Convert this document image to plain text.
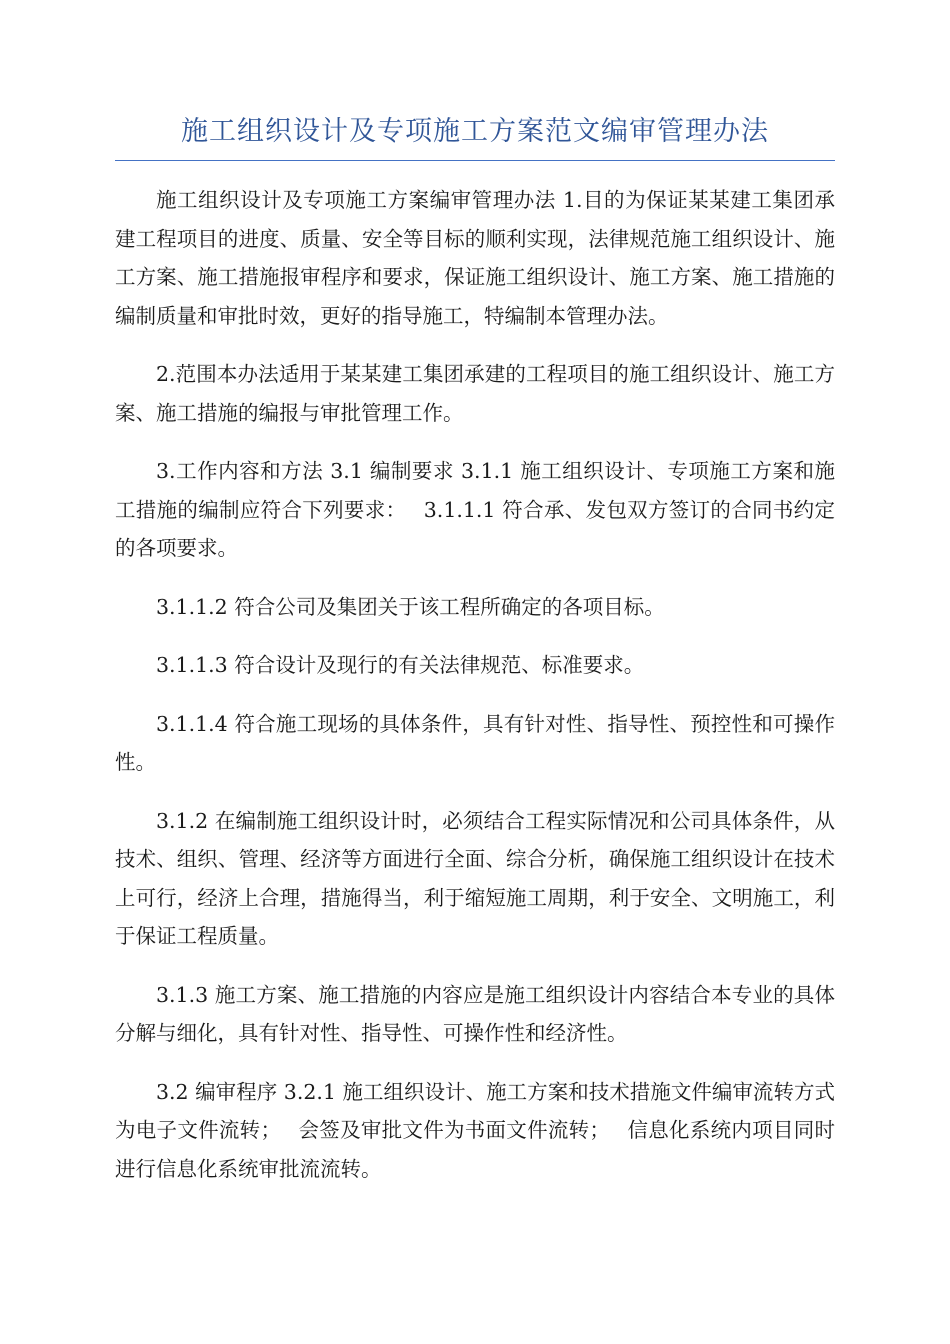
施工组织设计及专项施工方案范文编审管理办法

施工组织设计及专项施工方案编审管理办法 1.目的为保证某某建工集团承建工程项目的进度、质量、安全等目标的顺利实现，法律规范施工组织设计、施工方案、施工措施报审程序和要求，保证施工组织设计、施工方案、施工措施的编制质量和审批时效，更好的指导施工，特编制本管理办法。

2.范围本办法适用于某某建工集团承建的工程项目的施工组织设计、施工方案、施工措施的编报与审批管理工作。

3.工作内容和方法 3.1 编制要求 3.1.1 施工组织设计、专项施工方案和施工措施的编制应符合下列要求：　 3.1.1.1 符合承、发包双方签订的合同书约定的各项要求。

3.1.1.2 符合公司及集团关于该工程所确定的各项目标。

3.1.1.3 符合设计及现行的有关法律规范、标准要求。

3.1.1.4 符合施工现场的具体条件，具有针对性、指导性、预控性和可操作性。

3.1.2 在编制施工组织设计时，必须结合工程实际情况和公司具体条件，从技术、组织、管理、经济等方面进行全面、综合分析，确保施工组织设计在技术上可行，经济上合理，措施得当，利于缩短施工周期，利于安全、文明施工，利于保证工程质量。

3.1.3 施工方案、施工措施的内容应是施工组织设计内容结合本专业的具体分解与细化，具有针对性、指导性、可操作性和经济性。

3.2 编审程序 3.2.1 施工组织设计、施工方案和技术措施文件编审流转方式为电子文件流转；　 会签及审批文件为书面文件流转；　 信息化系统内项目同时进行信息化系统审批流流转。
